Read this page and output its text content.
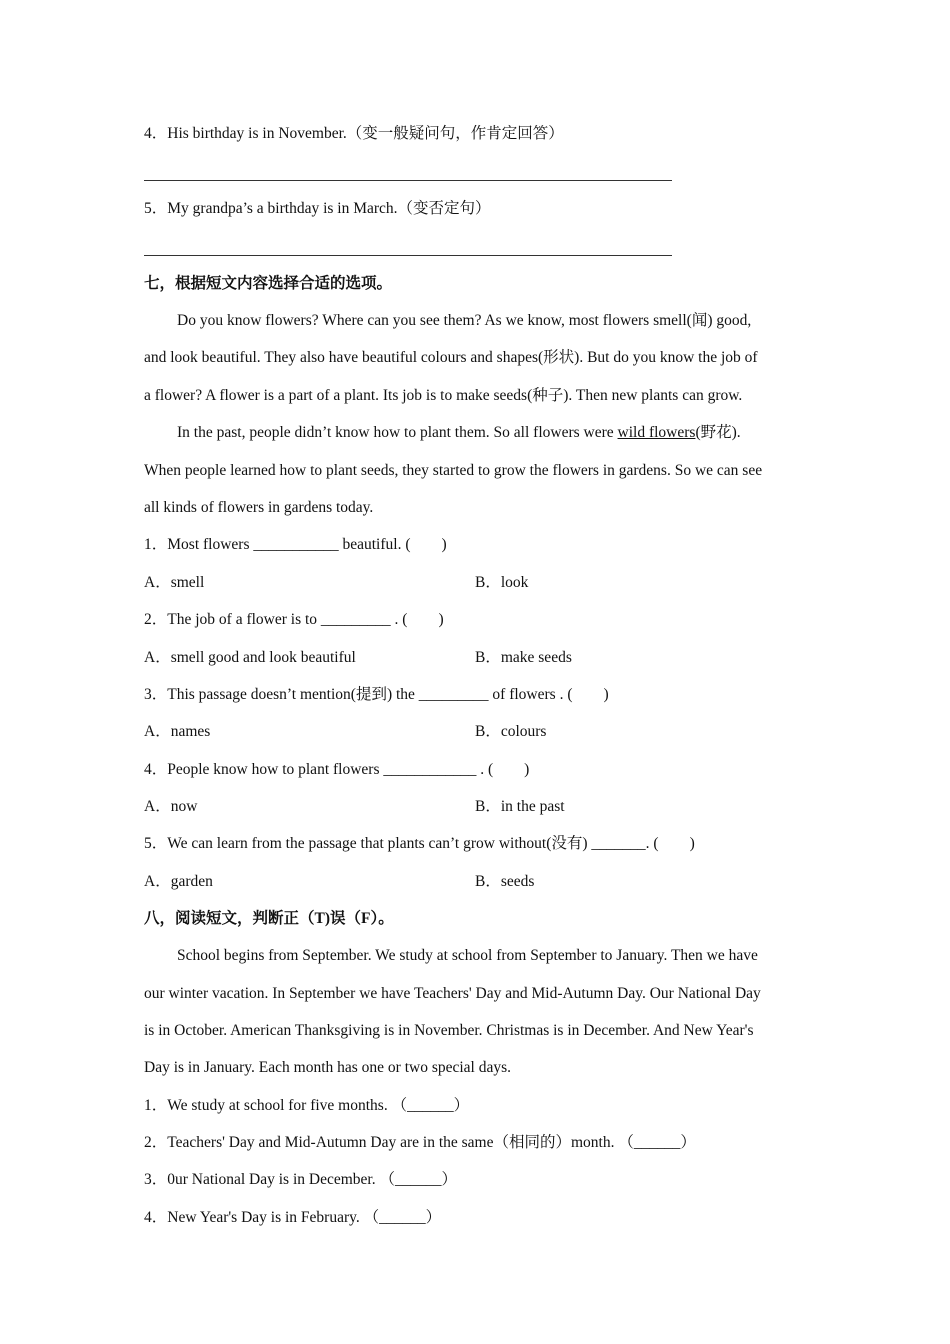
4．His birthday is in November.（变一般疑问句，作肯定回答）
5．My grandpa’s a birthday is in March.（变否定句）
七，根据短文内容选择合适的选项。
Do you know flowers? Where can you see them? As we know, most flowers smell(闻) good,
and look beautiful. They also have beautiful colours and shapes(形状). But do you know the job of
a flower? A flower is a part of a plant. Its job is to make seeds(种子). Then new plants can grow.
In the past, people didn’t know how to plant them. So all flowers were wild flowers(野花).
When people learned how to plant seeds, they started to grow the flowers in gardens. So we can see
all kinds of flowers in gardens today.
1．Most flowers ___________ beautiful. (　　)
A．smell	B．look
2．The job of a flower is to _________ . (　　)
A．smell good and look beautiful	B．make seeds
3．This passage doesn’t mention(提到) the _________ of flowers . (　　)
A．names	B．colours
4．People know how to plant flowers ____________ . (　　)
A．now	B．in the past
5．We can learn from the passage that plants can’t grow without(没有) _______. (　　)
A．garden	B．seeds
八，阅读短文，判断正（T)误（F）。
School begins from September. We study at school from September to January. Then we have
our winter vacation. In September we have Teachers' Day and Mid-Autumn Day. Our National Day
is in October. American Thanksgiving is in November. Christmas is in December. And New Year's
Day is in January. Each month has one or two special days.
1．We study at school for five months. （______）
2．Teachers' Day and Mid-Autumn Day are in the same（相同的）month. （______）
3．0ur National Day is in December. （______）
4．New Year's Day is in February. （______）
